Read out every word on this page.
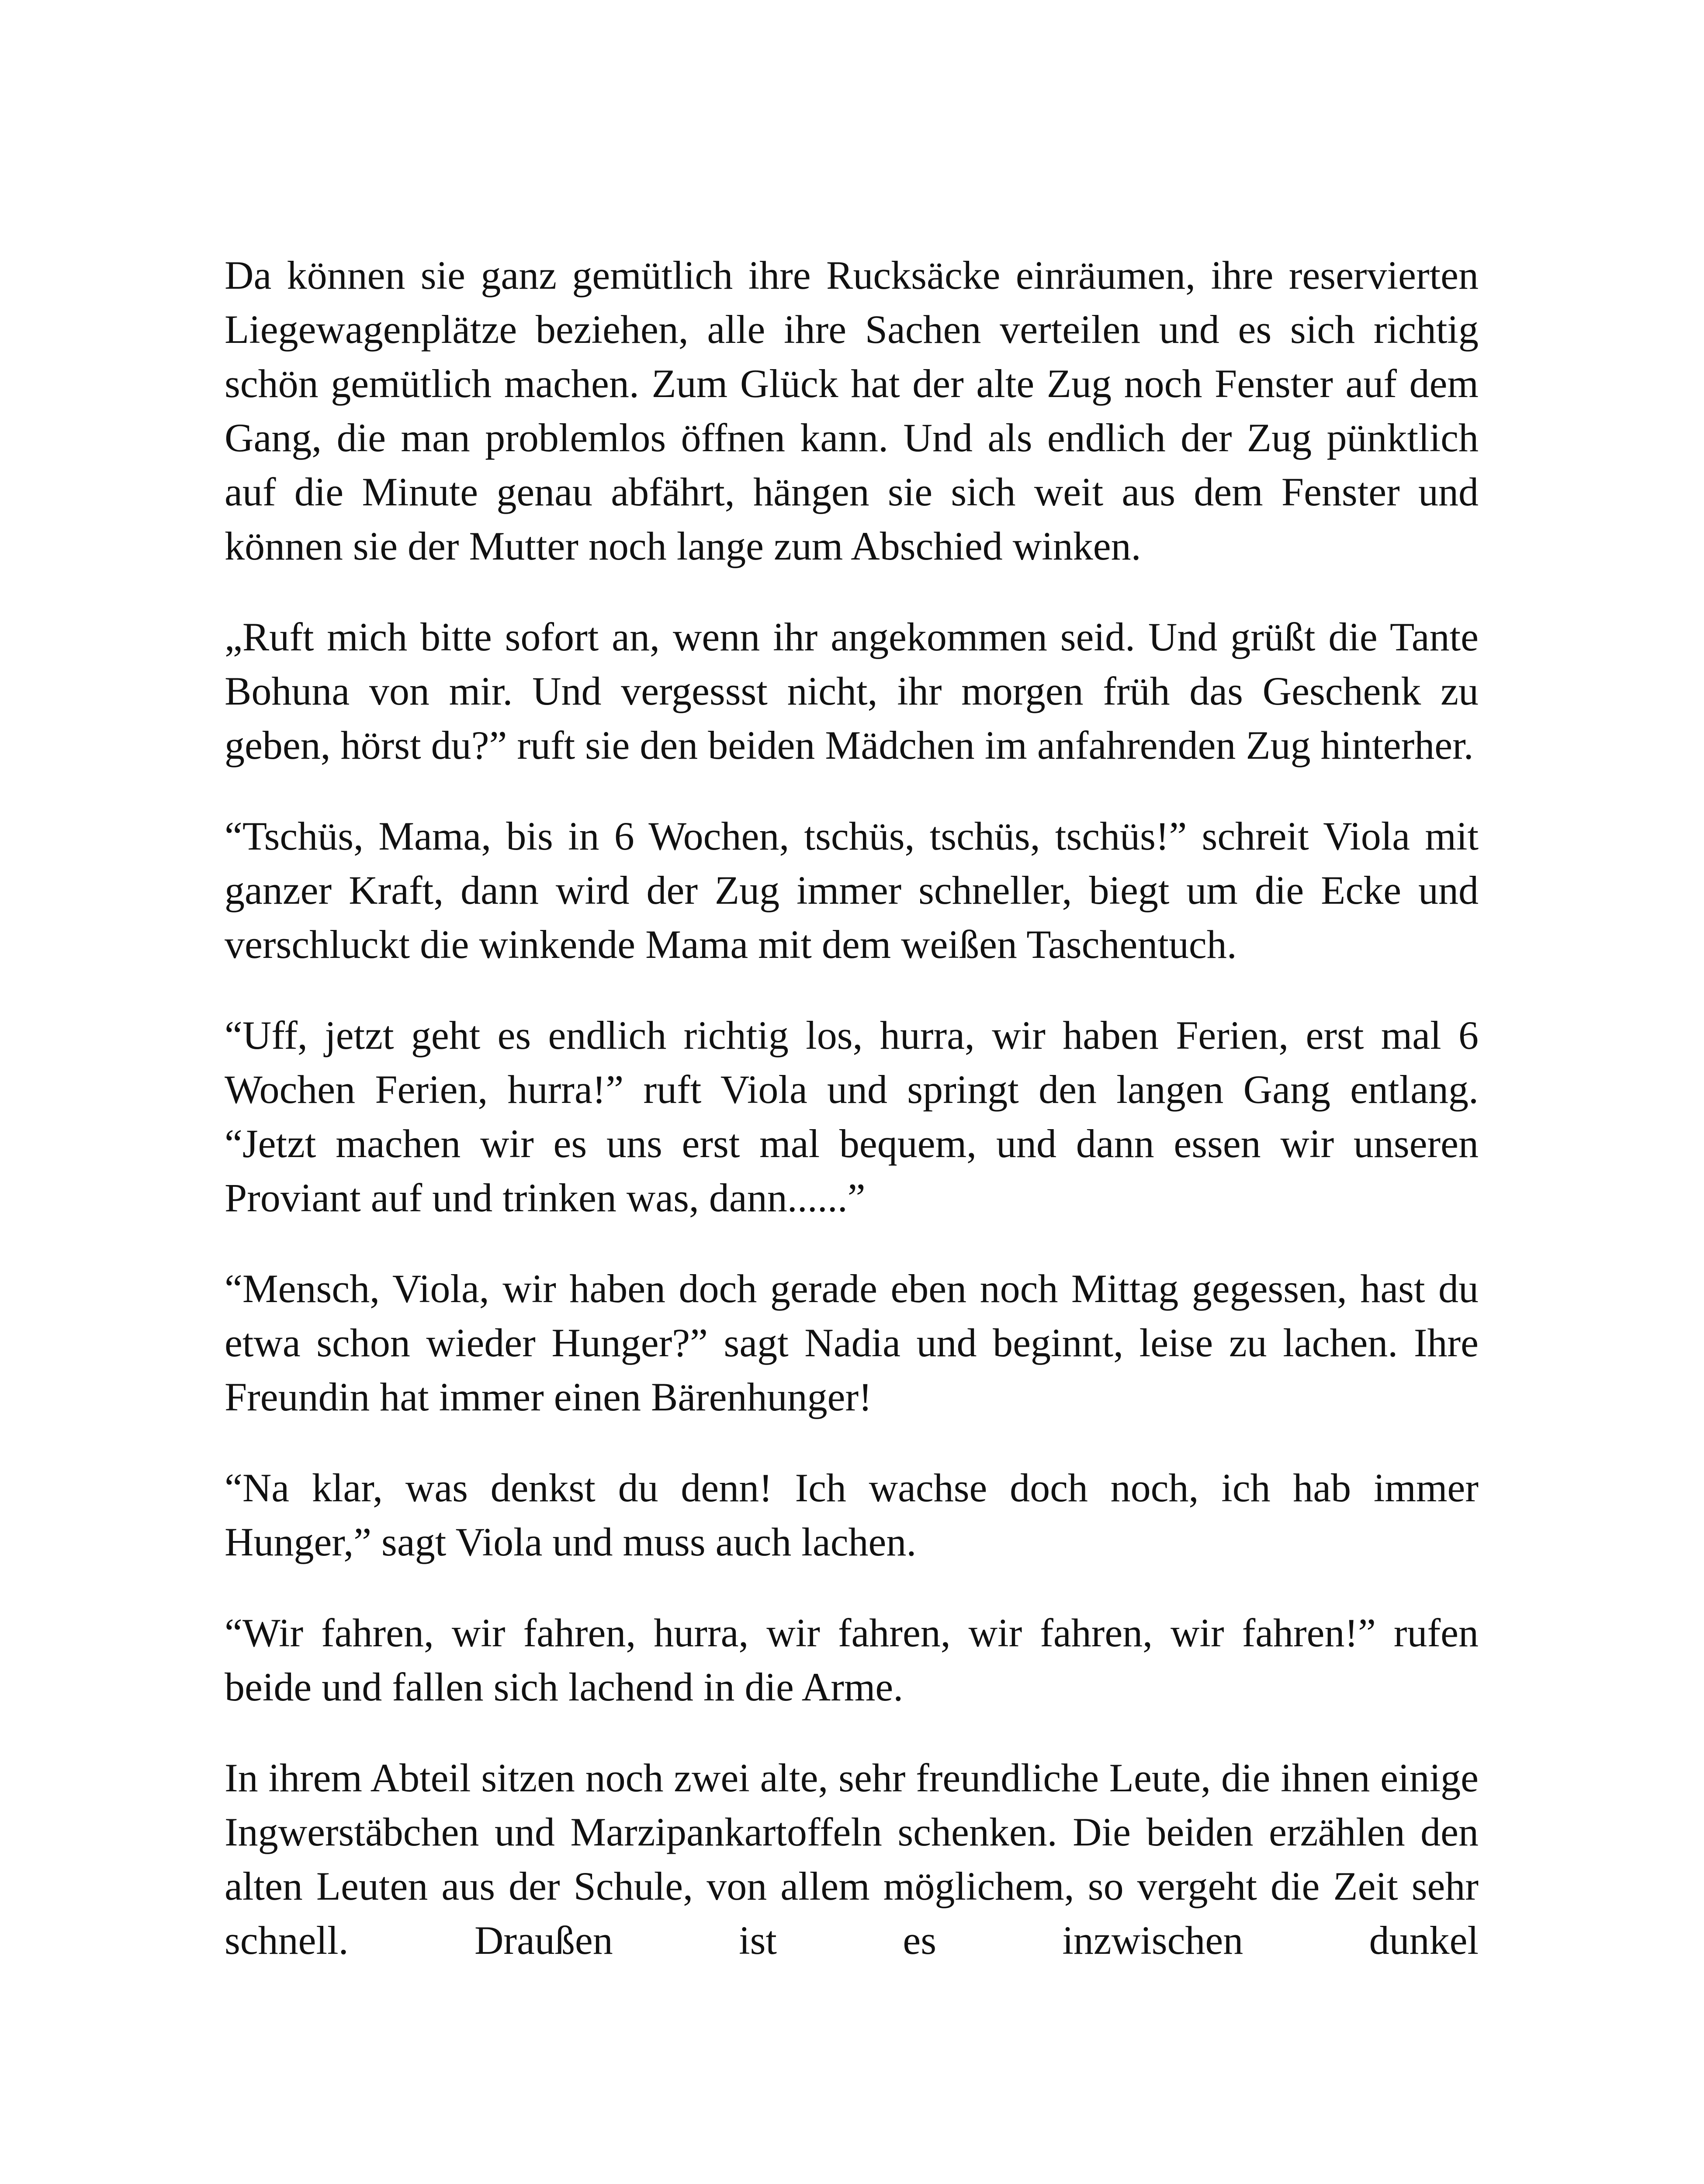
Da können sie ganz gemütlich ihre Rucksäcke einräumen, ihre reservierten Liegewagenplätze beziehen, alle ihre Sachen verteilen und es sich richtig schön gemütlich machen. Zum Glück hat der alte Zug noch Fenster auf dem Gang, die man problemlos öffnen kann. Und als endlich der Zug pünktlich auf die Minute genau abfährt, hängen sie sich weit aus dem Fenster und können sie der Mutter noch lange zum Abschied winken.

„Ruft mich bitte sofort an, wenn ihr angekommen seid. Und grüßt die Tante Bohuna von mir. Und vergessst nicht, ihr morgen früh das Geschenk zu geben, hörst du?” ruft sie den beiden Mädchen im anfahrenden Zug hinterher.

“Tschüs, Mama, bis in 6 Wochen, tschüs, tschüs, tschüs!” schreit Viola mit ganzer Kraft, dann wird der Zug immer schneller, biegt um die Ecke und verschluckt die winkende Mama mit dem weißen Taschentuch.

“Uff, jetzt geht es endlich richtig los, hurra, wir haben Ferien, erst mal 6 Wochen Ferien, hurra!” ruft Viola und springt den langen Gang entlang. “Jetzt machen wir es uns erst mal bequem, und dann essen wir unseren Proviant auf und trinken was, dann......”

“Mensch, Viola, wir haben doch gerade eben noch Mittag gegessen, hast du etwa schon wieder Hunger?” sagt Nadia und beginnt, leise zu lachen. Ihre Freundin hat immer einen Bärenhunger!

“Na klar, was denkst du denn! Ich wachse doch noch, ich hab immer Hunger,” sagt Viola und muss auch lachen.

“Wir fahren, wir fahren, hurra, wir fahren, wir fahren, wir fahren!” rufen beide und fallen sich lachend in die Arme.

In ihrem Abteil sitzen noch zwei alte, sehr freundliche Leute, die ihnen einige Ingwerstäbchen und Marzipankartoffeln schenken. Die beiden erzählen den alten Leuten aus der Schule, von allem möglichem, so vergeht die Zeit sehr schnell. Draußen ist es inzwischen dunkel
